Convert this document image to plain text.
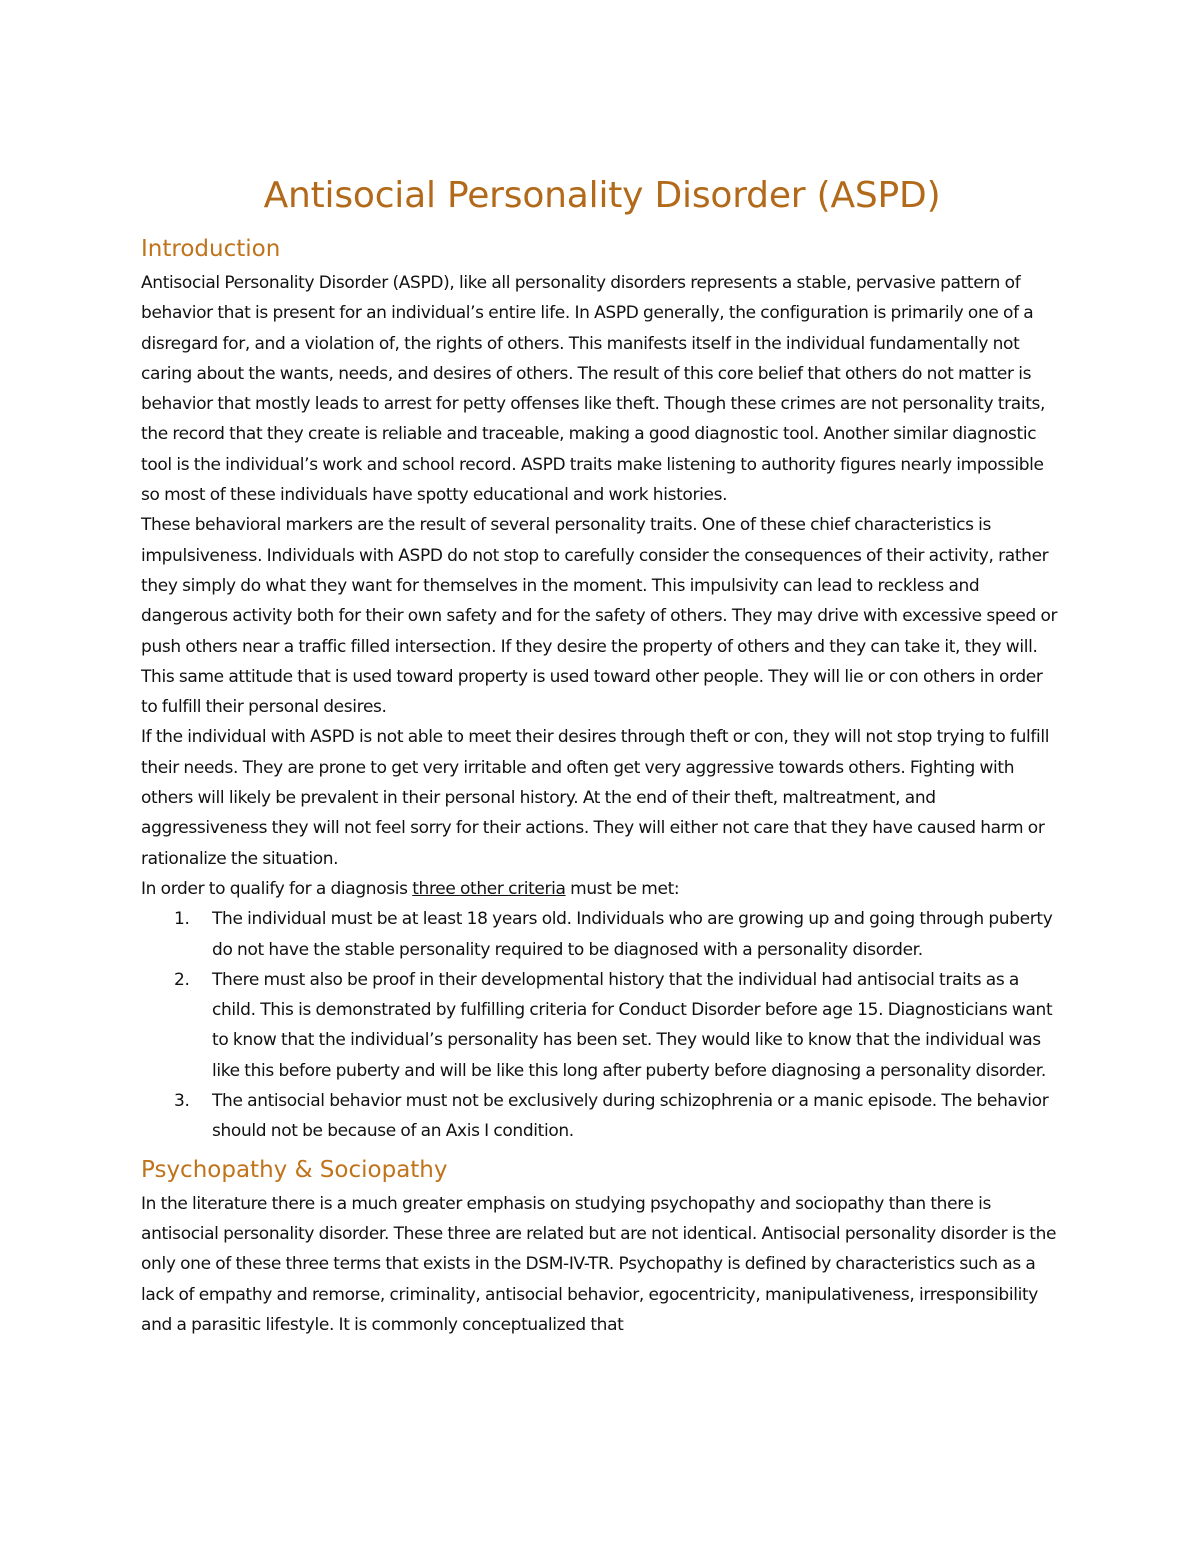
Antisocial Personality Disorder (ASPD)
Introduction

Antisocial Personality Disorder (ASPD), like all personality disorders represents a stable, pervasive pattern of behavior that is present for an individual’s entire life. In ASPD generally, the configuration is primarily one of a disregard for, and a violation of, the rights of others. This manifests itself in the individual fundamentally not caring about the wants, needs, and desires of others. The result of this core belief that others do not matter is behavior that mostly leads to arrest for petty offenses like theft. Though these crimes are not personality traits, the record that they create is reliable and traceable, making a good diagnostic tool. Another similar diagnostic tool is the individual’s work and school record. ASPD traits make listening to authority figures nearly impossible so most of these individuals have spotty educational and work histories.

These behavioral markers are the result of several personality traits. One of these chief characteristics is impulsiveness. Individuals with ASPD do not stop to carefully consider the consequences of their activity, rather they simply do what they want for themselves in the moment. This impulsivity can lead to reckless and dangerous activity both for their own safety and for the safety of others. They may drive with excessive speed or push others near a traffic filled intersection. If they desire the property of others and they can take it, they will. This same attitude that is used toward property is used toward other people. They will lie or con others in order to fulfill their personal desires.

If the individual with ASPD is not able to meet their desires through theft or con, they will not stop trying to fulfill their needs. They are prone to get very irritable and often get very aggressive towards others. Fighting with others will likely be prevalent in their personal history. At the end of their theft, maltreatment, and aggressiveness they will not feel sorry for their actions. They will either not care that they have caused harm or rationalize the situation.

In order to qualify for a diagnosis three other criteria must be met:

1. The individual must be at least 18 years old. Individuals who are growing up and going through puberty do not have the stable personality required to be diagnosed with a personality disorder.
2. There must also be proof in their developmental history that the individual had antisocial traits as a child. This is demonstrated by fulfilling criteria for Conduct Disorder before age 15. Diagnosticians want to know that the individual’s personality has been set. They would like to know that the individual was like this before puberty and will be like this long after puberty before diagnosing a personality disorder.
3. The antisocial behavior must not be exclusively during schizophrenia or a manic episode. The behavior should not be because of an Axis I condition.
Psychopathy & Sociopathy

In the literature there is a much greater emphasis on studying psychopathy and sociopathy than there is antisocial personality disorder. These three are related but are not identical. Antisocial personality disorder is the only one of these three terms that exists in the DSM-IV-TR. Psychopathy is defined by characteristics such as a lack of empathy and remorse, criminality, antisocial behavior, egocentricity, manipulativeness, irresponsibility and a parasitic lifestyle. It is commonly conceptualized that
